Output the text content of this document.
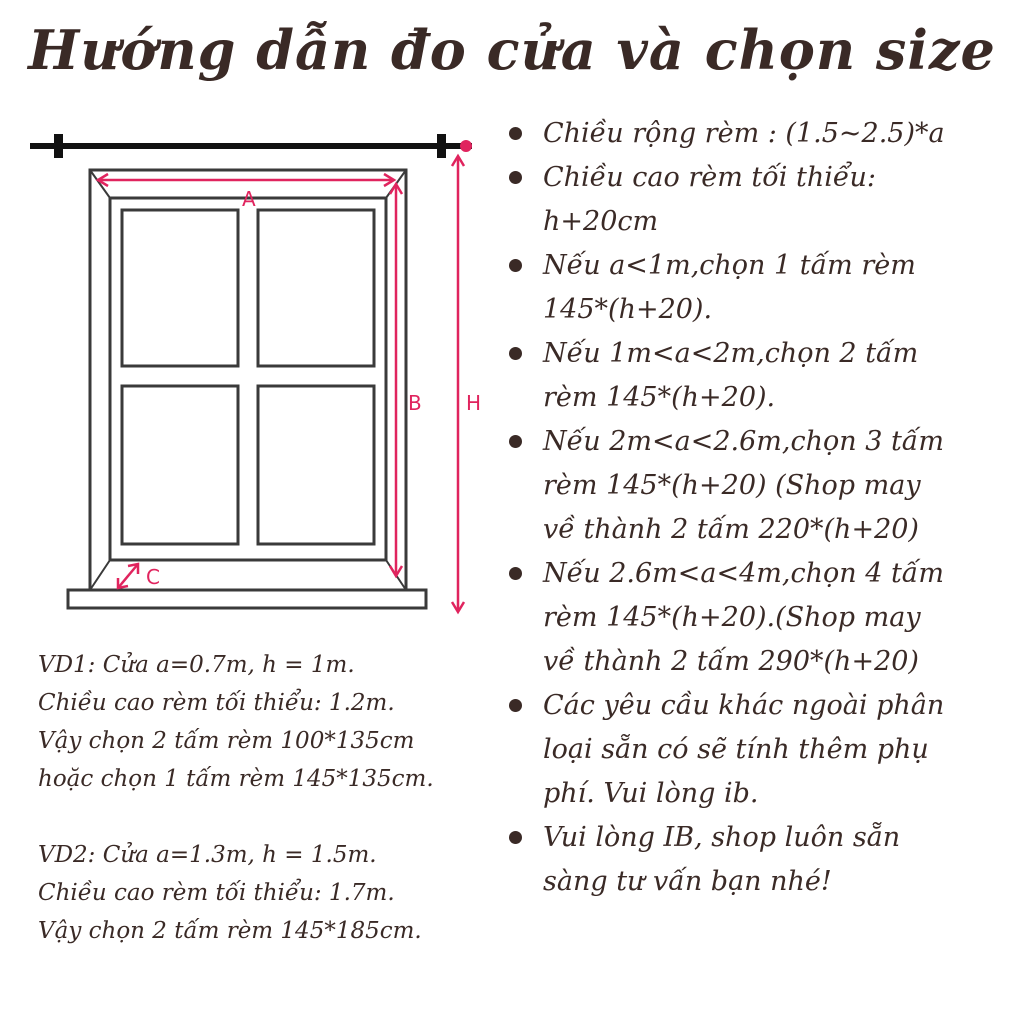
Hướng dẫn đo cửa và chọn size
A
B H
C
Chiều rộng rèm : (1.5~2.5)*a
Chiều cao rèm tối thiểu:
h+20cm
Nếu a<1m,chọn 1 tấm rèm
145*(h+20).
Nếu 1m<a<2m,chọn 2 tấm
rèm 145*(h+20).
Nếu 2m<a<2.6m,chọn 3 tấm
rèm 145*(h+20) (Shop may
về thành 2 tấm 220*(h+20)
Nếu 2.6m<a<4m,chọn 4 tấm
rèm 145*(h+20).(Shop may
về thành 2 tấm 290*(h+20)
Các yêu cầu khác ngoài phân
loại sẵn có sẽ tính thêm phụ
phí. Vui lòng ib.
Vui lòng IB, shop luôn sẵn
sàng tư vấn bạn nhé!
VD1: Cửa a=0.7m, h = 1m.
Chiều cao rèm tối thiểu: 1.2m.
Vậy chọn 2 tấm rèm 100*135cm
hoặc chọn 1 tấm rèm 145*135cm.
VD2: Cửa a=1.3m, h = 1.5m.
Chiều cao rèm tối thiểu: 1.7m.
Vậy chọn 2 tấm rèm 145*185cm.
